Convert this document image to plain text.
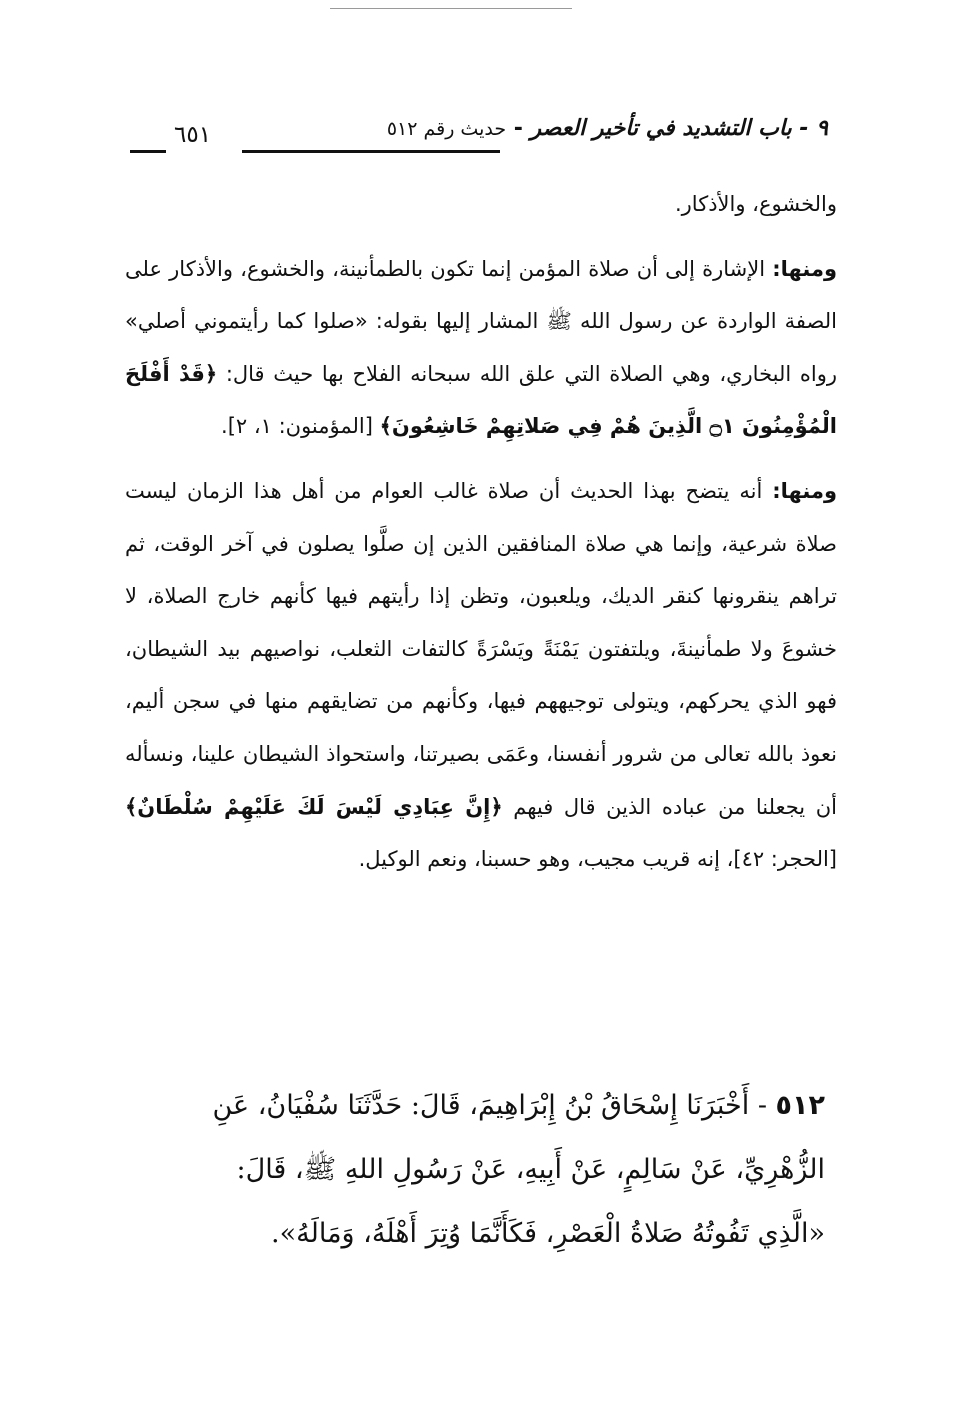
٩ - باب التشديد في تأخير العصر - حديث رقم ٥١٢
٦٥١

والخشوع، والأذكار.

ومنها: الإشارة إلى أن صلاة المؤمن إنما تكون بالطمأنينة، والخشوع، والأذكار على الصفة الواردة عن رسول الله ﷺ المشار إليها بقوله: «صلوا كما رأيتموني أصلي» رواه البخاري، وهي الصلاة التي علق الله سبحانه الفلاح بها حيث قال: ﴿قَدْ أَفْلَحَ الْمُؤْمِنُونَ ۝١ الَّذِينَ هُمْ فِي صَلاتِهِمْ خَاشِعُونَ﴾ [المؤمنون: ١، ٢].

ومنها: أنه يتضح بهذا الحديث أن صلاة غالب العوام من أهل هذا الزمان ليست صلاة شرعية، وإنما هي صلاة المنافقين الذين إن صلَّوا يصلون في آخر الوقت، ثم تراهم ينقرونها كنقر الديك، ويلعبون، وتظن إذا رأيتهم فيها كأنهم خارج الصلاة، لا خشوعَ ولا طمأنينةَ، ويلتفتون يَمْنَةً ويَسْرَةً كالتفات الثعلب، نواصيهم بيد الشيطان، فهو الذي يحركهم، ويتولى توجيههم فيها، وكأنهم من تضايقهم منها في سجن أليم، نعوذ بالله تعالى من شرور أنفسنا، وعَمَى بصيرتنا، واستحواذ الشيطان علينا، ونسأله أن يجعلنا من عباده الذين قال فيهم ﴿إِنَّ عِبَادِي لَيْسَ لَكَ عَلَيْهِمْ سُلْطَانٌ﴾ [الحجر: ٤٢]، إنه قريب مجيب، وهو حسبنا، ونعم الوكيل.

٥١٢ - أَخْبَرَنَا إِسْحَاقُ بْنُ إِبْرَاهِيمَ، قَالَ: حَدَّثَنَا سُفْيَانُ، عَنِ
الزُّهْرِيِّ، عَنْ سَالِمٍ، عَنْ أَبِيهِ، عَنْ رَسُولِ اللهِ ﷺ، قَالَ:
«الَّذِي تَفُوتُهُ صَلاةُ الْعَصْرِ، فَكَأَنَّمَا وُتِرَ أَهْلَهُ، وَمَالَهُ».
